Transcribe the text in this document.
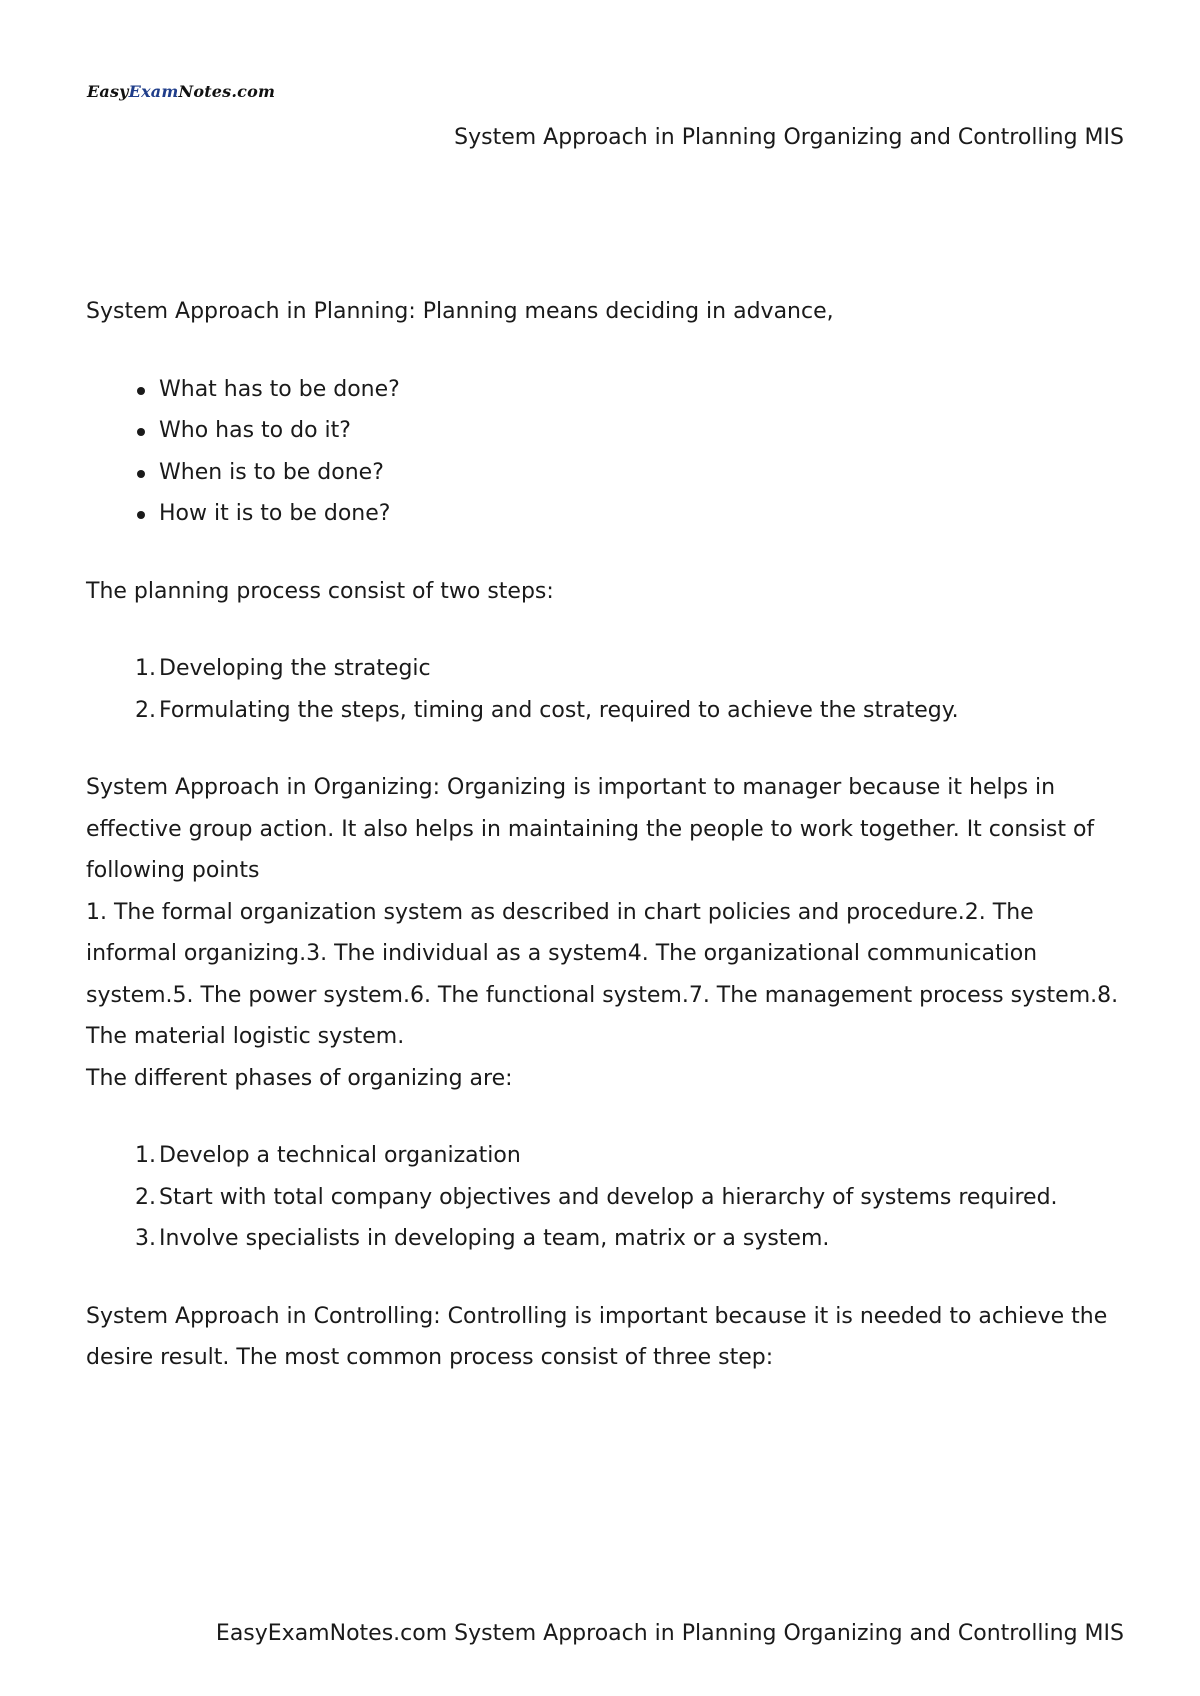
EasyExamNotes.com
System Approach in Planning Organizing and Controlling MIS

System Approach in Planning: Planning means deciding in advance,

What has to be done?
Who has to do it?
When is to be done?
How it is to be done?

The planning process consist of two steps:

1. Developing the strategic
2. Formulating the steps, timing and cost, required to achieve the strategy.

System Approach in Organizing: Organizing is important to manager because it helps in

effective group action. It also helps in maintaining the people to work together. It consist of

following points

1. The formal organization system as described in chart policies and procedure.2. The

informal organizing.3. The individual as a system4. The organizational communication

system.5. The power system.6. The functional system.7. The management process system.8.

The material logistic system.

The different phases of organizing are:

1. Develop a technical organization
2. Start with total company objectives and develop a hierarchy of systems required.
3. Involve specialists in developing a team, matrix or a system.

System Approach in Controlling: Controlling is important because it is needed to achieve the

desire result. The most common process consist of three step:

EasyExamNotes.com System Approach in Planning Organizing and Controlling MIS
